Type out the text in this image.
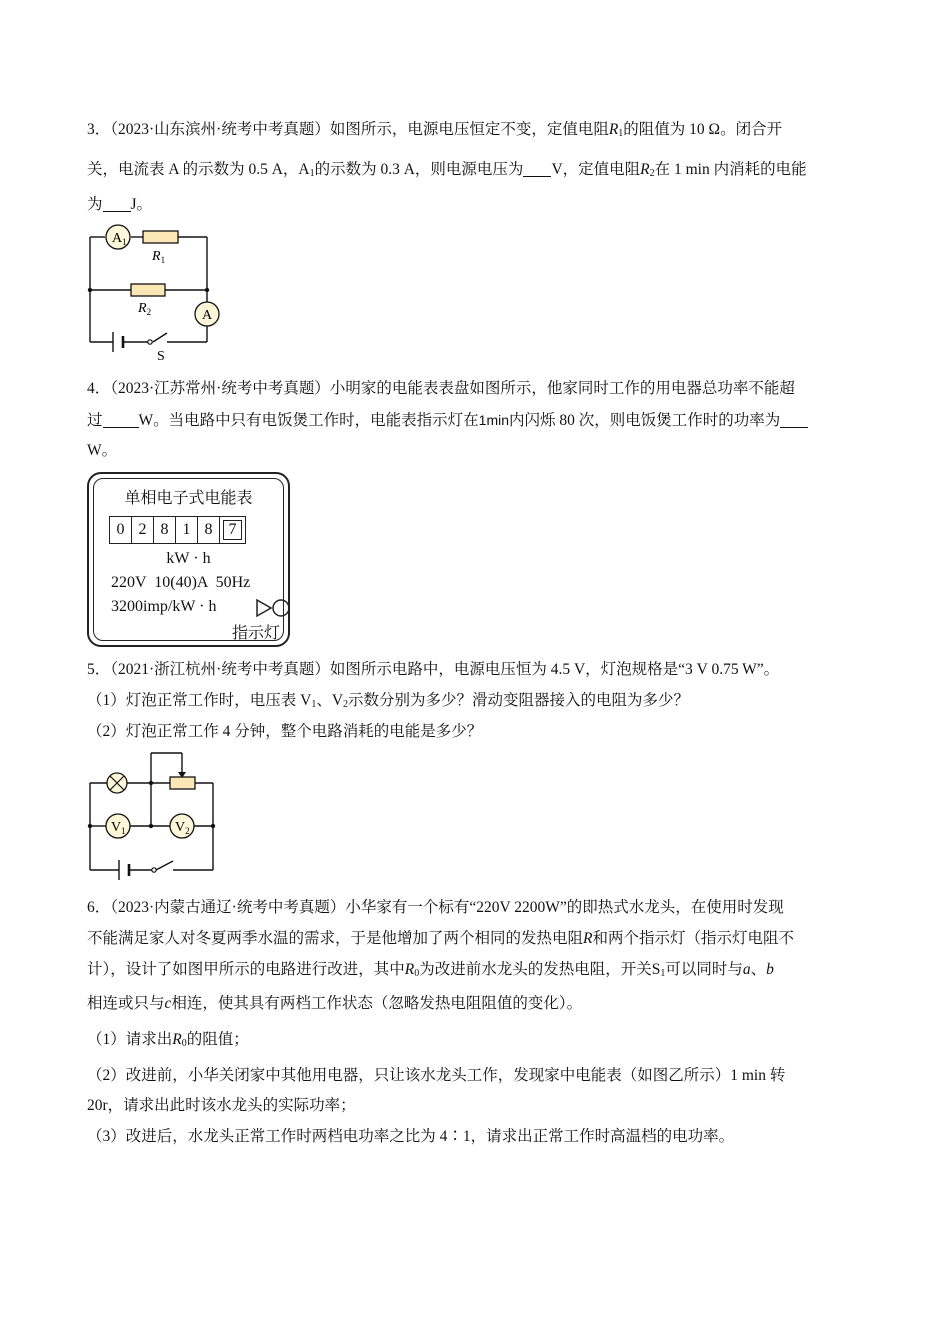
3．（2023·山东滨州·统考中考真题）如图所示，电源电压恒定不变，定值电阻$R_1$的阻值为 10 Ω。闭合开
关，电流表 A 的示数为 0.5 A，$A_1$的示数为 0.3 A，则电源电压为 V，定值电阻$R_2$在 1 min 内消耗的电能
为 J。
$A_1$
A
$R_1$
$R_2$
S
4．（2023·江苏常州·统考中考真题）小明家的电能表表盘如图所示，他家同时工作的用电器总功率不能超
过 W。当电路中只有电饭煲工作时，电能表指示灯在1min内闪烁 80 次，则电饭煲工作时的功率为
W。
单相电子式电能表
0 2 8 1 8	7
kW · h
220V  10(40)A  50Hz
3200imp/kW · h
指示灯
5．（2021·浙江杭州·统考中考真题）如图所示电路中，电源电压恒为 4.5 V，灯泡规格是“3 V 0.75 W”。
（1）灯泡正常工作时，电压表 $V_1$、$V_2$示数分别为多少？滑动变阻器接入的电阻为多少？
（2）灯泡正常工作 4 分钟，整个电路消耗的电能是多少？
$V_1$	$V_2$
6．（2023·内蒙古通辽·统考中考真题）小华家有一个标有“220V 2200W”的即热式水龙头，在使用时发现
不能满足家人对冬夏两季水温的需求，于是他增加了两个相同的发热电阻R和两个指示灯（指示灯电阻不
计），设计了如图甲所示的电路进行改进，其中$R_0$为改进前水龙头的发热电阻，开关$S_1$可以同时与a、b
相连或只与c相连，使其具有两档工作状态（忽略发热电阻阻值的变化）。
（1）请求出$R_0$的阻值；
（2）改进前，小华关闭家中其他用电器，只让该水龙头工作，发现家中电能表（如图乙所示）1 min 转
20r，请求出此时该水龙头的实际功率；
（3）改进后，水龙头正常工作时两档电功率之比为 4∶1，请求出正常工作时高温档的电功率。
